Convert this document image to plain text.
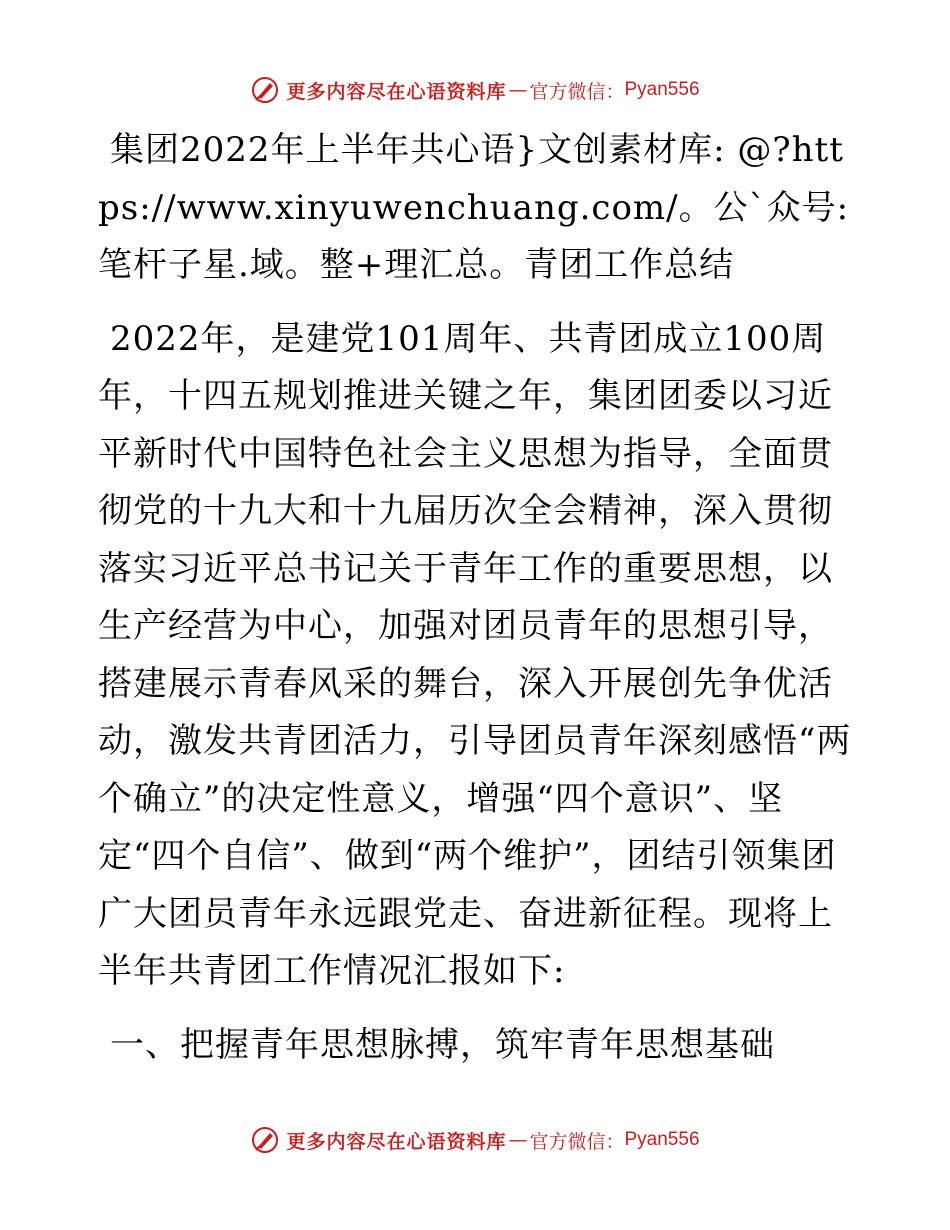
更多内容尽在心语资料库 — 官方微信： Pyan556

集团2022年上半年共心语}文创素材库: @?https://www.xinyuwenchuang.com/。公`众号: 笔杆子星.域。整+理汇总。青团工作总结

2022年，是建党101周年、共青团成立100周年，十四五规划推进关键之年，集团团委以习近平新时代中国特色社会主义思想为指导，全面贯彻党的十九大和十九届历次全会精神，深入贯彻落实习近平总书记关于青年工作的重要思想，以生产经营为中心，加强对团员青年的思想引导，搭建展示青春风采的舞台，深入开展创先争优活动，激发共青团活力，引导团员青年深刻感悟“两个确立”的决定性意义，增强“四个意识”、坚定“四个自信”、做到“两个维护”，团结引领集团广大团员青年永远跟党走、奋进新征程。现将上半年共青团工作情况汇报如下:

一、把握青年思想脉搏，筑牢青年思想基础

更多内容尽在心语资料库 — 官方微信： Pyan556
